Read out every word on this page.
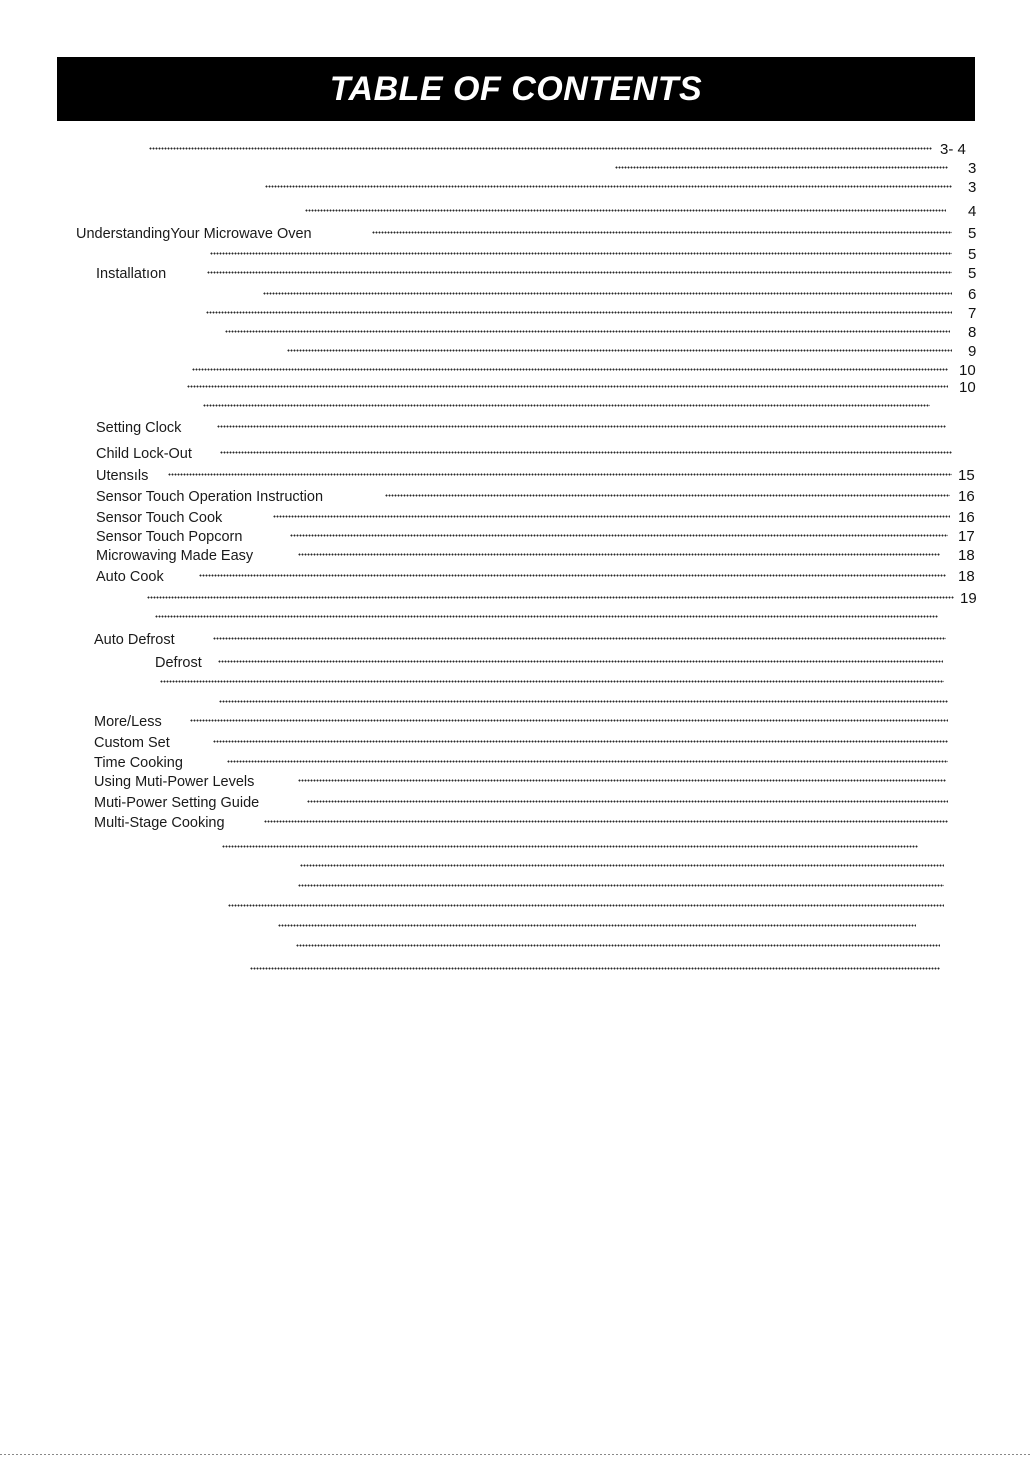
TABLE OF CONTENTS
3- 4
3
3
4
UnderstandingYour Microwave Oven	5
5
Installatıon	5
6
7
8
9
10
10
Setting Clock
Child Lock-Out
Utensıls	15
Sensor Touch Operation Instruction	16
Sensor Touch Cook	16
Sensor Touch Popcorn	17
Microwaving Made Easy	18
Auto Cook	18
19
Auto Defrost
Defrost
More/Less
Custom Set
Time Cooking
Using Muti-Power Levels
Muti-Power Setting Guide
Multi-Stage Cooking
